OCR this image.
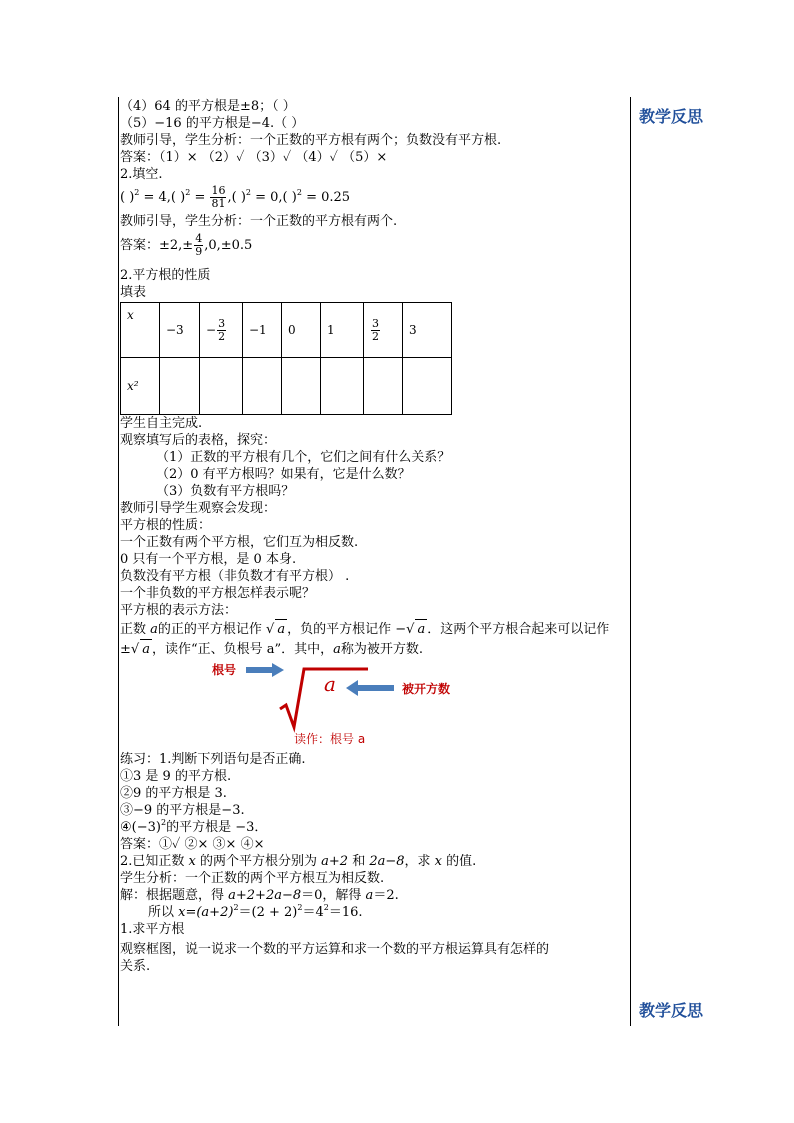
教学反思
教学反思
（4）64 的平方根是±8；（ ）
（5）−16 的平方根是−4.（ ）
教师引导，学生分析：一个正数的平方根有两个；负数没有平方根.
答案：（1）× （2）✓ （3）✓ （4）✓ （5）×
2.填空.
( )$^2$ = 4,( )$^2 = \frac{16}{81}$ ,( )$^2$ = 0,( )$^2$ = 0.25
教师引导，学生分析：一个正数的平方根有两个.
答案：$\pm 2,\pm \frac{4}{9} ,0,\pm 0.5$
2.平方根的性质
填表
x	−3	− $\frac{3}{2}$	−1	0	1	$\frac{3}{2}$	3
x²							
学生自主完成.
观察填写后的表格，探究：
（1）正数的平方根有几个，它们之间有什么关系？
（2）0 有平方根吗？如果有，它是什么数？
（3）负数有平方根吗？
教师引导学生观察会发现：
平方根的性质：
一个正数有两个平方根，它们互为相反数.
0 只有一个平方根，是 0 本身.
负数没有平方根（非负数才有平方根） .
一个非负数的平方根怎样表示呢？
平方根的表示方法：
正数 a的正的平方根记作 √ a ，负的平方根记作 −√ a ．这两个平方根合起来可以记作
±√ a ，读作“正、负根号 a”．其中，a称为被开方数.
根号
a	被开方数
读作：根号 a
练习：1.判断下列语句是否正确.
①3 是 9 的平方根.
②9 的平方根是 3.
③−9 的平方根是−3.
$④(-3)^2$的平方根是 −3．
答案：①✓ ②× ③× ④×
2.已知正数 x 的两个平方根分别为 a+2 和 2a−8，求 x 的值.
学生分析：一个正数的两个平方根互为相反数.
解：根据题意，得 a+2+2a−8＝0，解得 a＝2.
所以 $x=(a+2)^2=(2 + 2)^2=4^2=16$.
1.求平方根
观察框图，说一说求一个数的平方运算和求一个数的平方根运算具有怎样的
关系.
